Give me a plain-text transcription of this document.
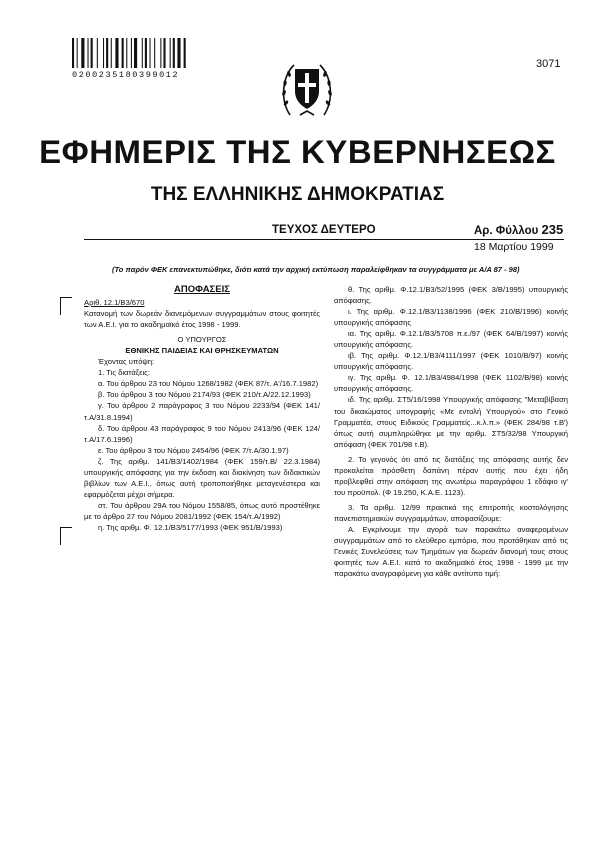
0200235180399012
3071
ΕΦΗΜΕΡΙΣ ΤΗΣ ΚΥΒΕΡΝΗΣΕΩΣ
ΤΗΣ ΕΛΛΗΝΙΚΗΣ ΔΗΜΟΚΡΑΤΙΑΣ
ΤΕΥΧΟΣ ΔΕΥΤΕΡΟ	Αρ. Φύλλου 235
18 Μαρτίου 1999
(Το παρόν ΦΕΚ επανεκτυπώθηκε, διότι κατά την αρχική εκτύπωση παραλείφθηκαν τα συγγράμματα με Α/Α 87 - 98)
ΑΠΟΦΑΣΕΙΣ
Αριθ. 12.1/Β3/670
Κατανομή των δωρεάν διανεμόμενων συγγραμμάτων στους φοιτητές των Α.Ε.Ι. για το ακαδημαϊκό έτος 1998 - 1999.
Ο ΥΠΟΥΡΓΟΣ
ΕΘΝΙΚΗΣ ΠΑΙΔΕΙΑΣ ΚΑΙ ΘΡΗΣΚΕΥΜΑΤΩΝ
Έχοντας υπόψη:
1. Τις διατάξεις:
α. Του άρθρου 23 του Νόμου 1268/1982 (ΦΕΚ 87/τ. Α'/16.7.1982)
β. Του άρθρου 3 του Νόμου 2174/93 (ΦΕΚ 210/τ.Α/22.12.1993)
γ. Του άρθρου 2 παράγραφος 3 του Νόμου 2233/94 (ΦΕΚ 141/τ.Α/31.8.1994)
δ. Του άρθρου 43 παράγραφος 9 του Νόμου 2413/96 (ΦΕΚ 124/τ.Α/17.6.1996)
ε. Του άρθρου 3 του Νόμου 2454/96 (ΦΕΚ 7/τ.Α/30.1.97)
ζ. Της αριθμ. 141/Β3/1402/1984 (ΦΕΚ 159/τ.Β/ 22.3.1984) υπουργικής απόφασης για την έκδοση και διακίνηση των διδακτικών βιβλίων των Α.Ε.Ι., όπως αυτή τροποποιήθηκε μεταγενέστερα και εφαρμόζεται μέχρι σήμερα.
στ. Του άρθρου 29Α του Νόμου 1558/85, όπως αυτό προστέθηκε με το άρθρο 27 του Νόμου 2081/1992 (ΦΕΚ 154/τ.Α/1992)
η. Της αριθμ. Φ. 12.1/Β3/5177/1993 (ΦΕΚ 951/Β/1993)
θ. Της αριθμ. Φ.12.1/Β3/52/1995 (ΦΕΚ 3/Β/1995) υπουργικής απόφασης.
ι. Της αριθμ. Φ.12.1/Β3/1138/1996 (ΦΕΚ 210/Β/1996) κοινής υπουργικής απόφασης
ια. Της αριθμ. Φ.12.1/Β3/5708 π.ε./97 (ΦΕΚ 64/Β/1997) κοινής υπουργικής απόφασης.
ιβ. Της αριθμ. Φ.12.1/Β3/4111/1997 (ΦΕΚ 1010/Β/97) κοινής υπουργικής απόφασης.
ιγ. Της αριθμ. Φ. 12.1/Β3/4984/1998 (ΦΕΚ 1102/Β/98) κοινής υπουργικής απόφασης.
ιδ. Της αριθμ. ΣΤ5/16/1998 Υπουργικής απόφασης "Μεταβίβαση του δικαιώματος υπογραφής «Με εντολή Υπουργού» στο Γενικό Γραμματέα, στους Ειδικούς Γραμματείς...κ.λ.π.» (ΦΕΚ 284/98 τ.Β') όπως αυτή συμπληρώθηκε με την αριθμ. ΣΤ5/32/98 Υπουργική απόφαση (ΦΕΚ 701/98 τ.Β).
2. Το γεγονός ότι από τις διατάξεις της απόφασης αυτής δεν προκαλείται πρόσθετη δαπάνη πέραν αυτής που έχει ήδη προβλεφθεί στην απόφαση της ανωτέρω παραγράφου 1 εδάφιο ιγ' του προϋπολ. (Φ 19.250, Κ.Α.Ε. 1123).
3. Τα αριθμ. 12/99 πρακτικά της επιτροπής κοστολόγησης πανεπιστημιακών συγγραμμάτων, αποφασίζουμε:
Α. Εγκρίνουμε την αγορά των παρακάτω αναφερομένων συγγραμμάτων από το ελεύθερο εμπόριο, που προτάθηκαν από τις Γενικές Συνελεύσεις των Τμημάτων για δωρεάν διανομή τους στους φοιτητές των Α.Ε.Ι. κατά το ακαδημαϊκό έτος 1998 - 1999 με την παρακάτω αναγραφόμενη για κάθε αντίτυπο τιμή:
